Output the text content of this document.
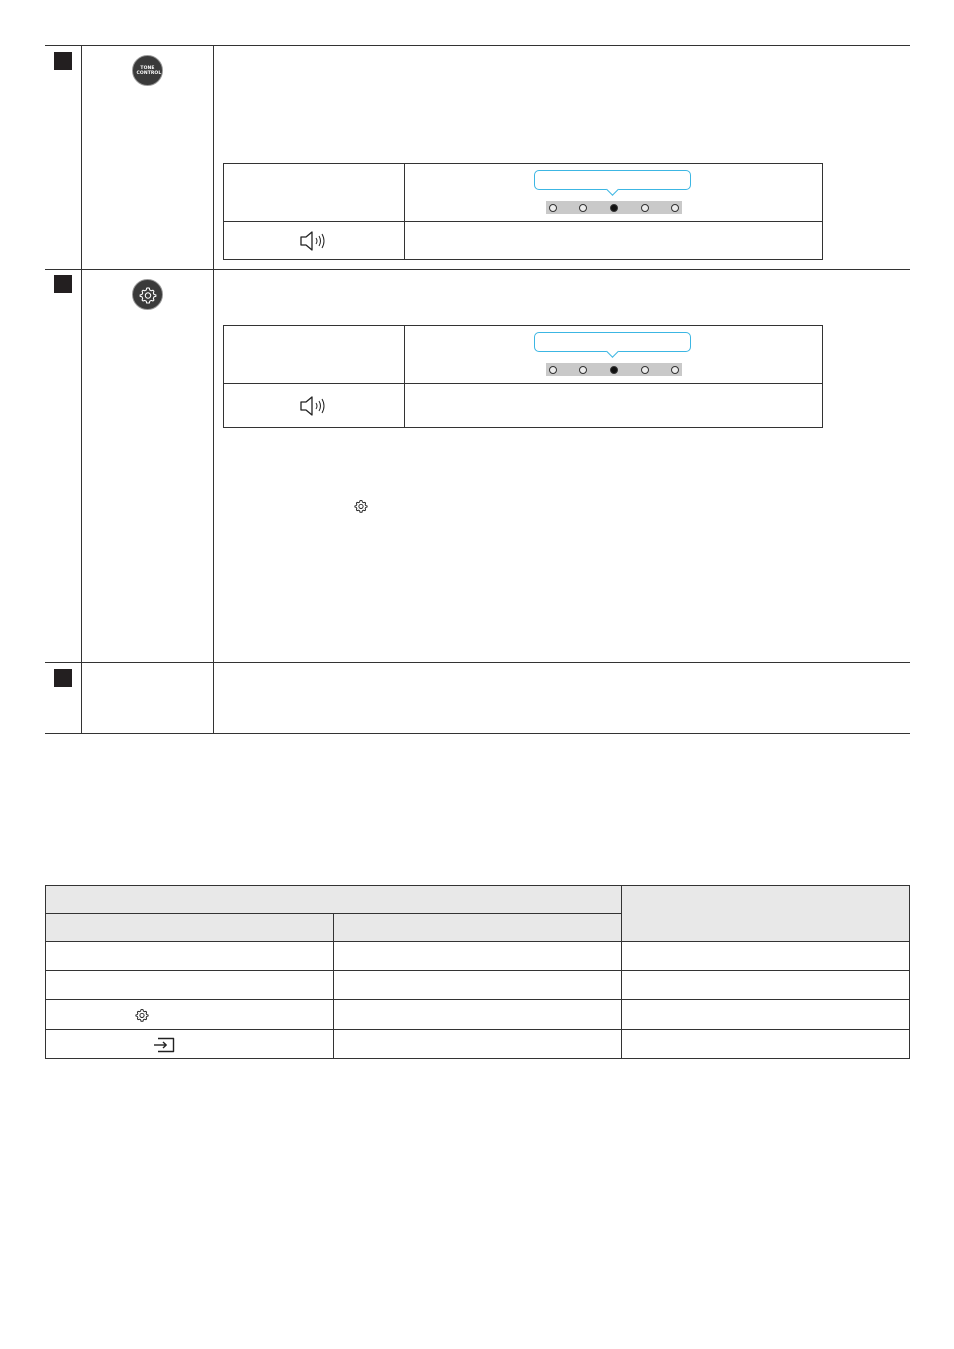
TONE
CONTROL
